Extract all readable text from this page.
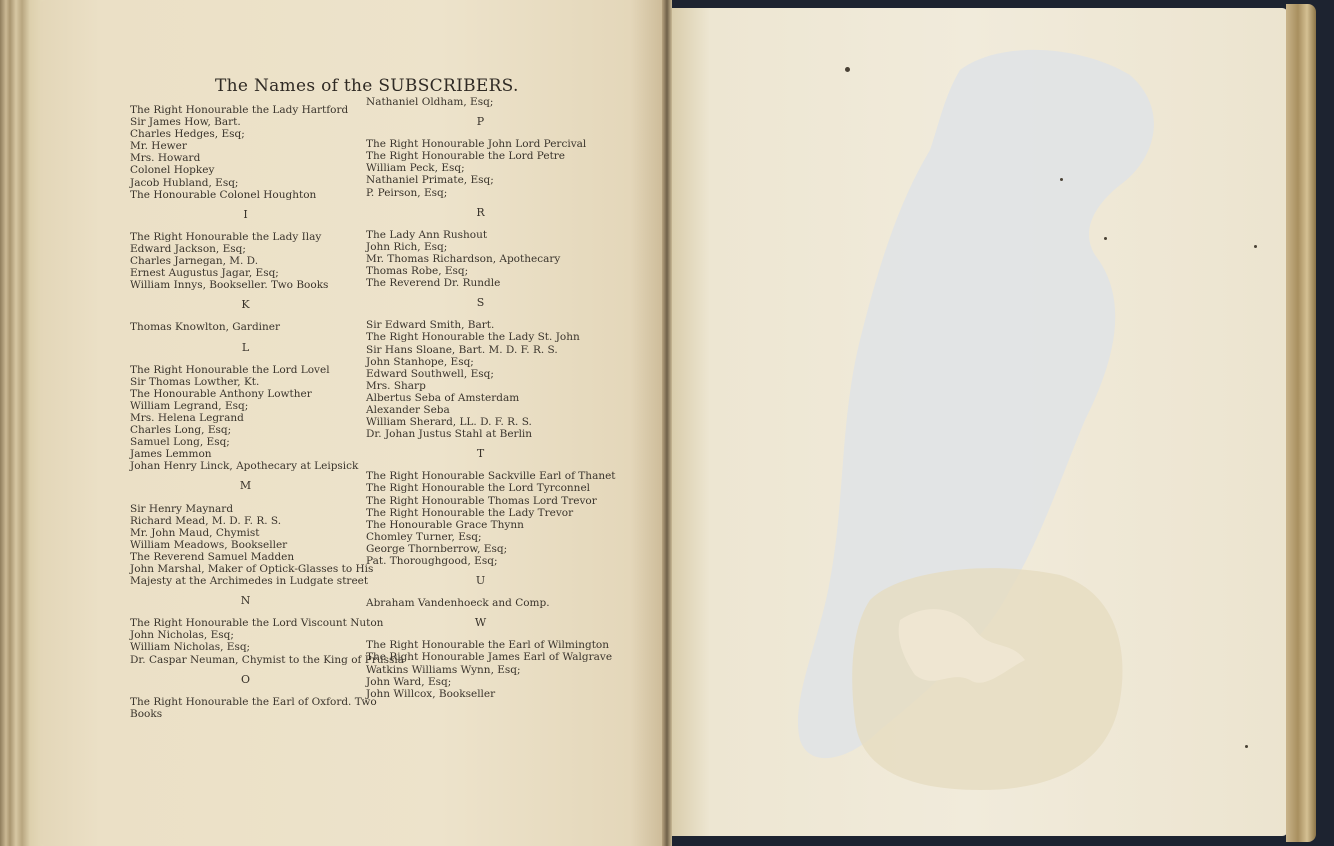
The Names of the SUBSCRIBERS.
The Right Honourable the Lady Hartford
Sir James How, Bart.
Charles Hedges, Esq;
Mr. Hewer
Mrs. Howard
Colonel Hopkey
Jacob Hubland, Esq;
The Honourable Colonel Houghton
I
The Right Honourable the Lady Ilay
Edward Jackson, Esq;
Charles Jarnegan, M. D.
Ernest Augustus Jagar, Esq;
William Innys, Bookseller. Two Books
K
Thomas Knowlton, Gardiner
L
The Right Honourable the Lord Lovel
Sir Thomas Lowther, Kt.
The Honourable Anthony Lowther
William Legrand, Esq;
Mrs. Helena Legrand
Charles Long, Esq;
Samuel Long, Esq;
James Lemmon
Johan Henry Linck, Apothecary at Leipsick
M
Sir Henry Maynard
Richard Mead, M. D. F. R. S.
Mr. John Maud, Chymist
William Meadows, Bookseller
The Reverend Samuel Madden
John Marshal, Maker of Optick-Glasses to His
Majesty at the Archimedes in Ludgate street
N
The Right Honourable the Lord Viscount Nuton
John Nicholas, Esq;
William Nicholas, Esq;
Dr. Caspar Neuman, Chymist to the King of Prussia
O
The Right Honourable the Earl of Oxford. Two
Books
Nathaniel Oldham, Esq;
P
The Right Honourable John Lord Percival
The Right Honourable the Lord Petre
William Peck, Esq;
Nathaniel Primate, Esq;
P. Peirson, Esq;
R
The Lady Ann Rushout
John Rich, Esq;
Mr. Thomas Richardson, Apothecary
Thomas Robe, Esq;
The Reverend Dr. Rundle
S
Sir Edward Smith, Bart.
The Right Honourable the Lady St. John
Sir Hans Sloane, Bart. M. D. F. R. S.
John Stanhope, Esq;
Edward Southwell, Esq;
Mrs. Sharp
Albertus Seba of Amsterdam
Alexander Seba
William Sherard, LL. D. F. R. S.
Dr. Johan Justus Stahl at Berlin
T
The Right Honourable Sackville Earl of Thanet
The Right Honourable the Lord Tyrconnel
The Right Honourable Thomas Lord Trevor
The Right Honourable the Lady Trevor
The Honourable Grace Thynn
Chomley Turner, Esq;
George Thornberrow, Esq;
Pat. Thoroughgood, Esq;
U
Abraham Vandenhoeck and Comp.
W
The Right Honourable the Earl of Wilmington
The Right Honourable James Earl of Walgrave
Watkins Williams Wynn, Esq;
John Ward, Esq;
John Willcox, Bookseller
